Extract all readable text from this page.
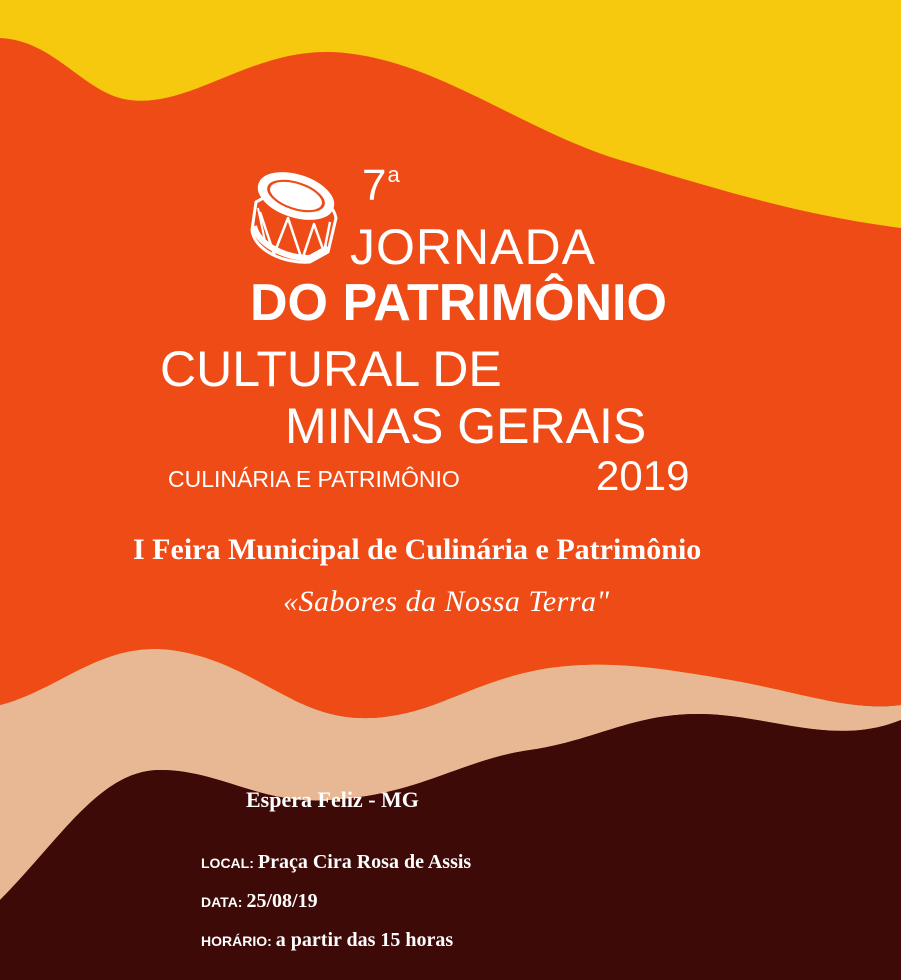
7$^a$
JORNADA
DO PATRIMÔNIO
CULTURAL DE
MINAS GERAIS
CULINÁRIA E PATRIMÔNIO	2019
I Feira Municipal de Culinária e Patrimônio
«Sabores da Nossa Terra"
Espera Feliz - MG
LOCAL: Praça Cira Rosa de Assis
DATA: 25/08/19
HORÁRIO: a partir das 15 horas
